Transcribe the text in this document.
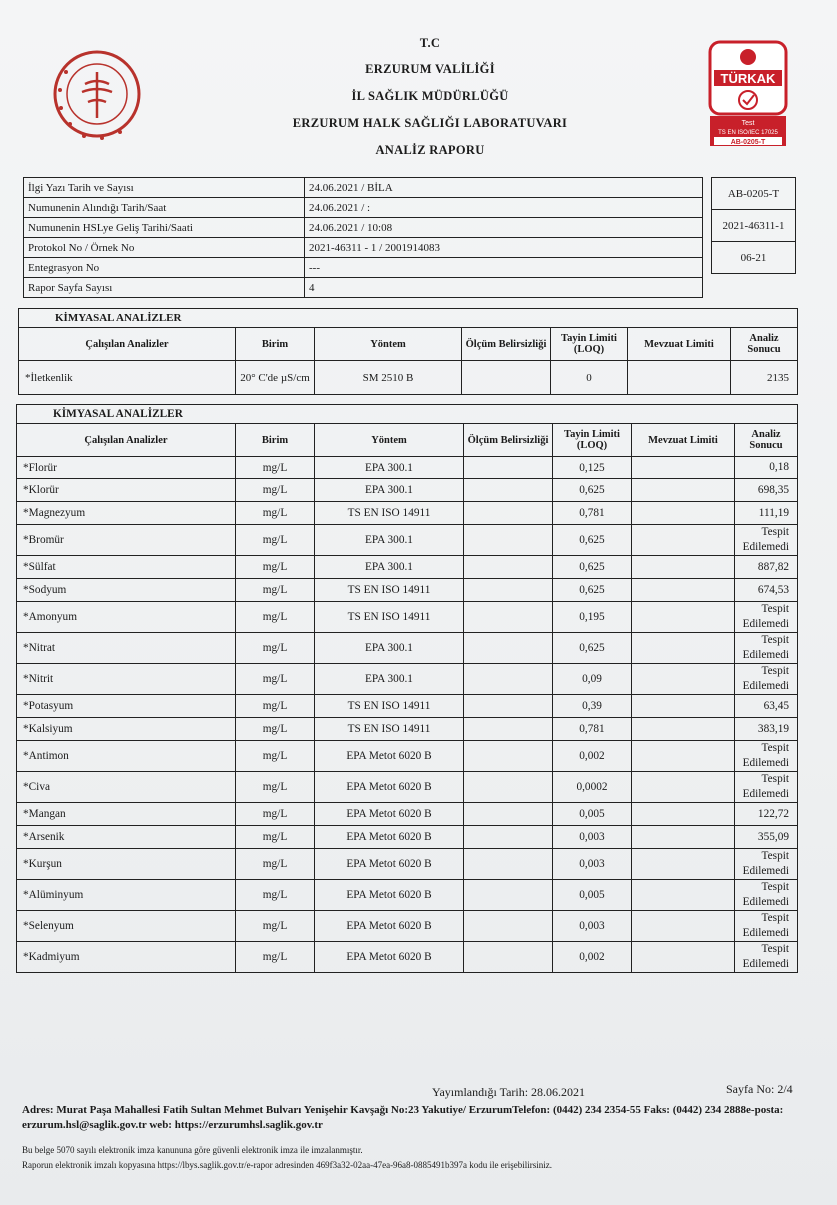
T.C
ERZURUM VALİLİĞİ
İL SAĞLIK MÜDÜRLÜĞÜ
ERZURUM HALK SAĞLIĞI LABORATUVARI
ANALİZ RAPORU
TÜRKAK
Test
TS EN ISO/IEC 17025
AB-0205-T
İlgi Yazı Tarih ve Sayısı	24.06.2021 / BİLA
Numunenin Alındığı Tarih/Saat	24.06.2021 / :
Numunenin HSLye Geliş Tarihi/Saati	24.06.2021 / 10:08
Protokol No / Örnek No	2021-46311 - 1 / 2001914083
Entegrasyon No	---
Rapor Sayfa Sayısı	4
AB-0205-T
2021-46311-1
06-21
KİMYASAL ANALİZLER						
Çalışılan Analizler	Birim	Yöntem	Ölçüm Belirsizliği	Tayin Limiti (LOQ)	Mevzuat Limiti	Analiz Sonucu
*İletkenlik	20° C'de µS/cm	SM 2510 B		0		2135
KİMYASAL ANALİZLER						
Çalışılan Analizler	Birim	Yöntem	Ölçüm Belirsizliği	Tayin Limiti (LOQ)	Mevzuat Limiti	Analiz Sonucu
*Florür	mg/L	EPA 300.1		0,125		0,18
*Klorür	mg/L	EPA 300.1		0,625		698,35
*Magnezyum	mg/L	TS EN ISO 14911		0,781		111,19
*Bromür	mg/L	EPA 300.1		0,625		Tespit Edilemedi
*Sülfat	mg/L	EPA 300.1		0,625		887,82
*Sodyum	mg/L	TS EN ISO 14911		0,625		674,53
*Amonyum	mg/L	TS EN ISO 14911		0,195		Tespit Edilemedi
*Nitrat	mg/L	EPA 300.1		0,625		Tespit Edilemedi
*Nitrit	mg/L	EPA 300.1		0,09		Tespit Edilemedi
*Potasyum	mg/L	TS EN ISO 14911		0,39		63,45
*Kalsiyum	mg/L	TS EN ISO 14911		0,781		383,19
*Antimon	mg/L	EPA Metot 6020 B		0,002		Tespit Edilemedi
*Civa	mg/L	EPA Metot 6020 B		0,0002		Tespit Edilemedi
*Mangan	mg/L	EPA Metot 6020 B		0,005		122,72
*Arsenik	mg/L	EPA Metot 6020 B		0,003		355,09
*Kurşun	mg/L	EPA Metot 6020 B		0,003		Tespit Edilemedi
*Alüminyum	mg/L	EPA Metot 6020 B		0,005		Tespit Edilemedi
*Selenyum	mg/L	EPA Metot 6020 B		0,003		Tespit Edilemedi
*Kadmiyum	mg/L	EPA Metot 6020 B		0,002		Tespit Edilemedi
Yayımlandığı Tarih: 28.06.2021	Sayfa No: 2/4
Adres: Murat Paşa Mahallesi Fatih Sultan Mehmet Bulvarı Yenişehir Kavşağı No:23 Yakutiye/ ErzurumTelefon: (0442) 234 2354-55 Faks: (0442) 234 2888e-posta: erzurum.hsl@saglik.gov.tr web: https://erzurumhsl.saglik.gov.tr
Bu belge 5070 sayılı elektronik imza kanununa göre güvenli elektronik imza ile imzalanmıştır.
Raporun elektronik imzalı kopyasına https://lbys.saglik.gov.tr/e-rapor adresinden 469f3a32-02aa-47ea-96a8-0885491b397a kodu ile erişebilirsiniz.
